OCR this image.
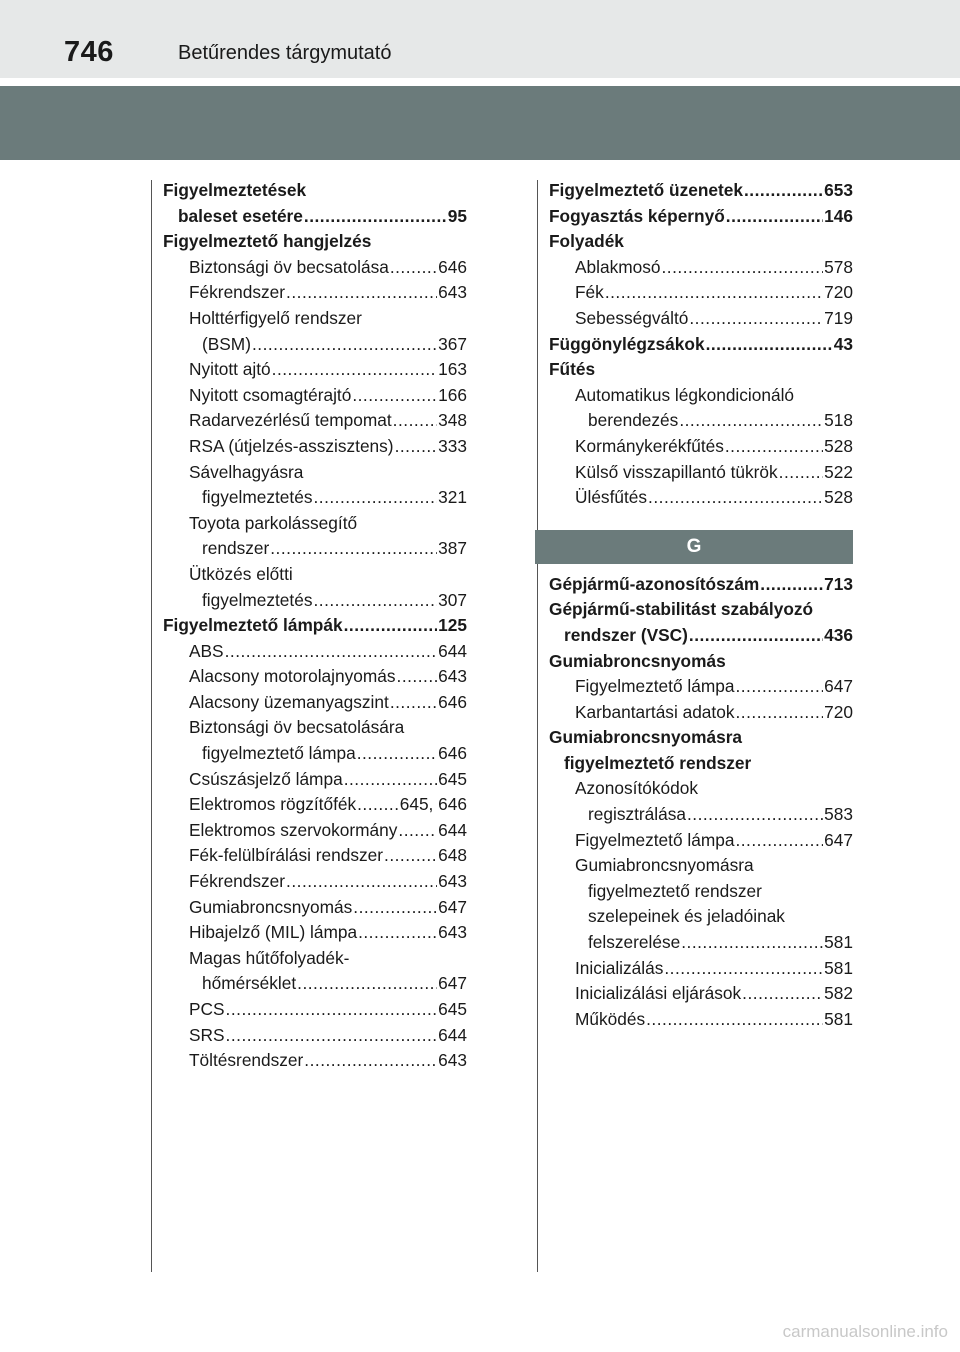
746	Betűrendes tárgymutató
Figyelmeztetések
baleset esetére .....	95
Figyelmeztető hangjelzés
Biztonsági öv becsatolása .....	646
Fékrendszer .....	643
Holttérfigyelő rendszer
(BSM) .....	367
Nyitott ajtó .....	163
Nyitott csomagtérajtó .....	166
Radarvezérlésű tempomat .....	348
RSA (útjelzés-asszisztens) .....	333
Sávelhagyásra
figyelmeztetés .....	321
Toyota parkolássegítő
rendszer .....	387
Ütközés előtti
figyelmeztetés .....	307
Figyelmeztető lámpák .....	125
ABS .....	644
Alacsony motorolajnyomás ..... 643
Alacsony üzemanyagszint .....	646
Biztonsági öv becsatolására
figyelmeztető lámpa .....	646
Csúszásjelző lámpa .....	645
Elektromos rögzítőfék .....	645, 646
Elektromos szervokormány ..... 644
Fék-felülbírálási rendszer .....	648
Fékrendszer .....	643
Gumiabroncsnyomás .....	647
Hibajelző (MIL) lámpa .....	643
Magas hűtőfolyadék-
hőmérséklet .....	647
PCS .....	645
SRS .....	644
Töltésrendszer .....	643
Figyelmeztető üzenetek .....	653
Fogyasztás képernyő .....	146
Folyadék
Ablakmosó .....	578
Fék .....	720
Sebességváltó .....	719
Függönylégzsákok .....	43
Fűtés
Automatikus légkondicionáló
berendezés .....	518
Kormánykerékfűtés .....	528
Külső visszapillantó tükrök .....	522
Ülésfűtés .....	528
G
Gépjármű-azonosítószám .....	713
Gépjármű-stabilitást szabályozó
rendszer (VSC) .....	436
Gumiabroncsnyomás
Figyelmeztető lámpa .....	647
Karbantartási adatok .....	720
Gumiabroncsnyomásra
figyelmeztető rendszer
Azonosítókódok
regisztrálása .....	583
Figyelmeztető lámpa .....	647
Gumiabroncsnyomásra
figyelmeztető rendszer
szelepeinek és jeladóinak
felszerelése .....	581
Inicializálás .....	581
Inicializálási eljárások .....	582
Működés .....	581
carmanualsonline.info
